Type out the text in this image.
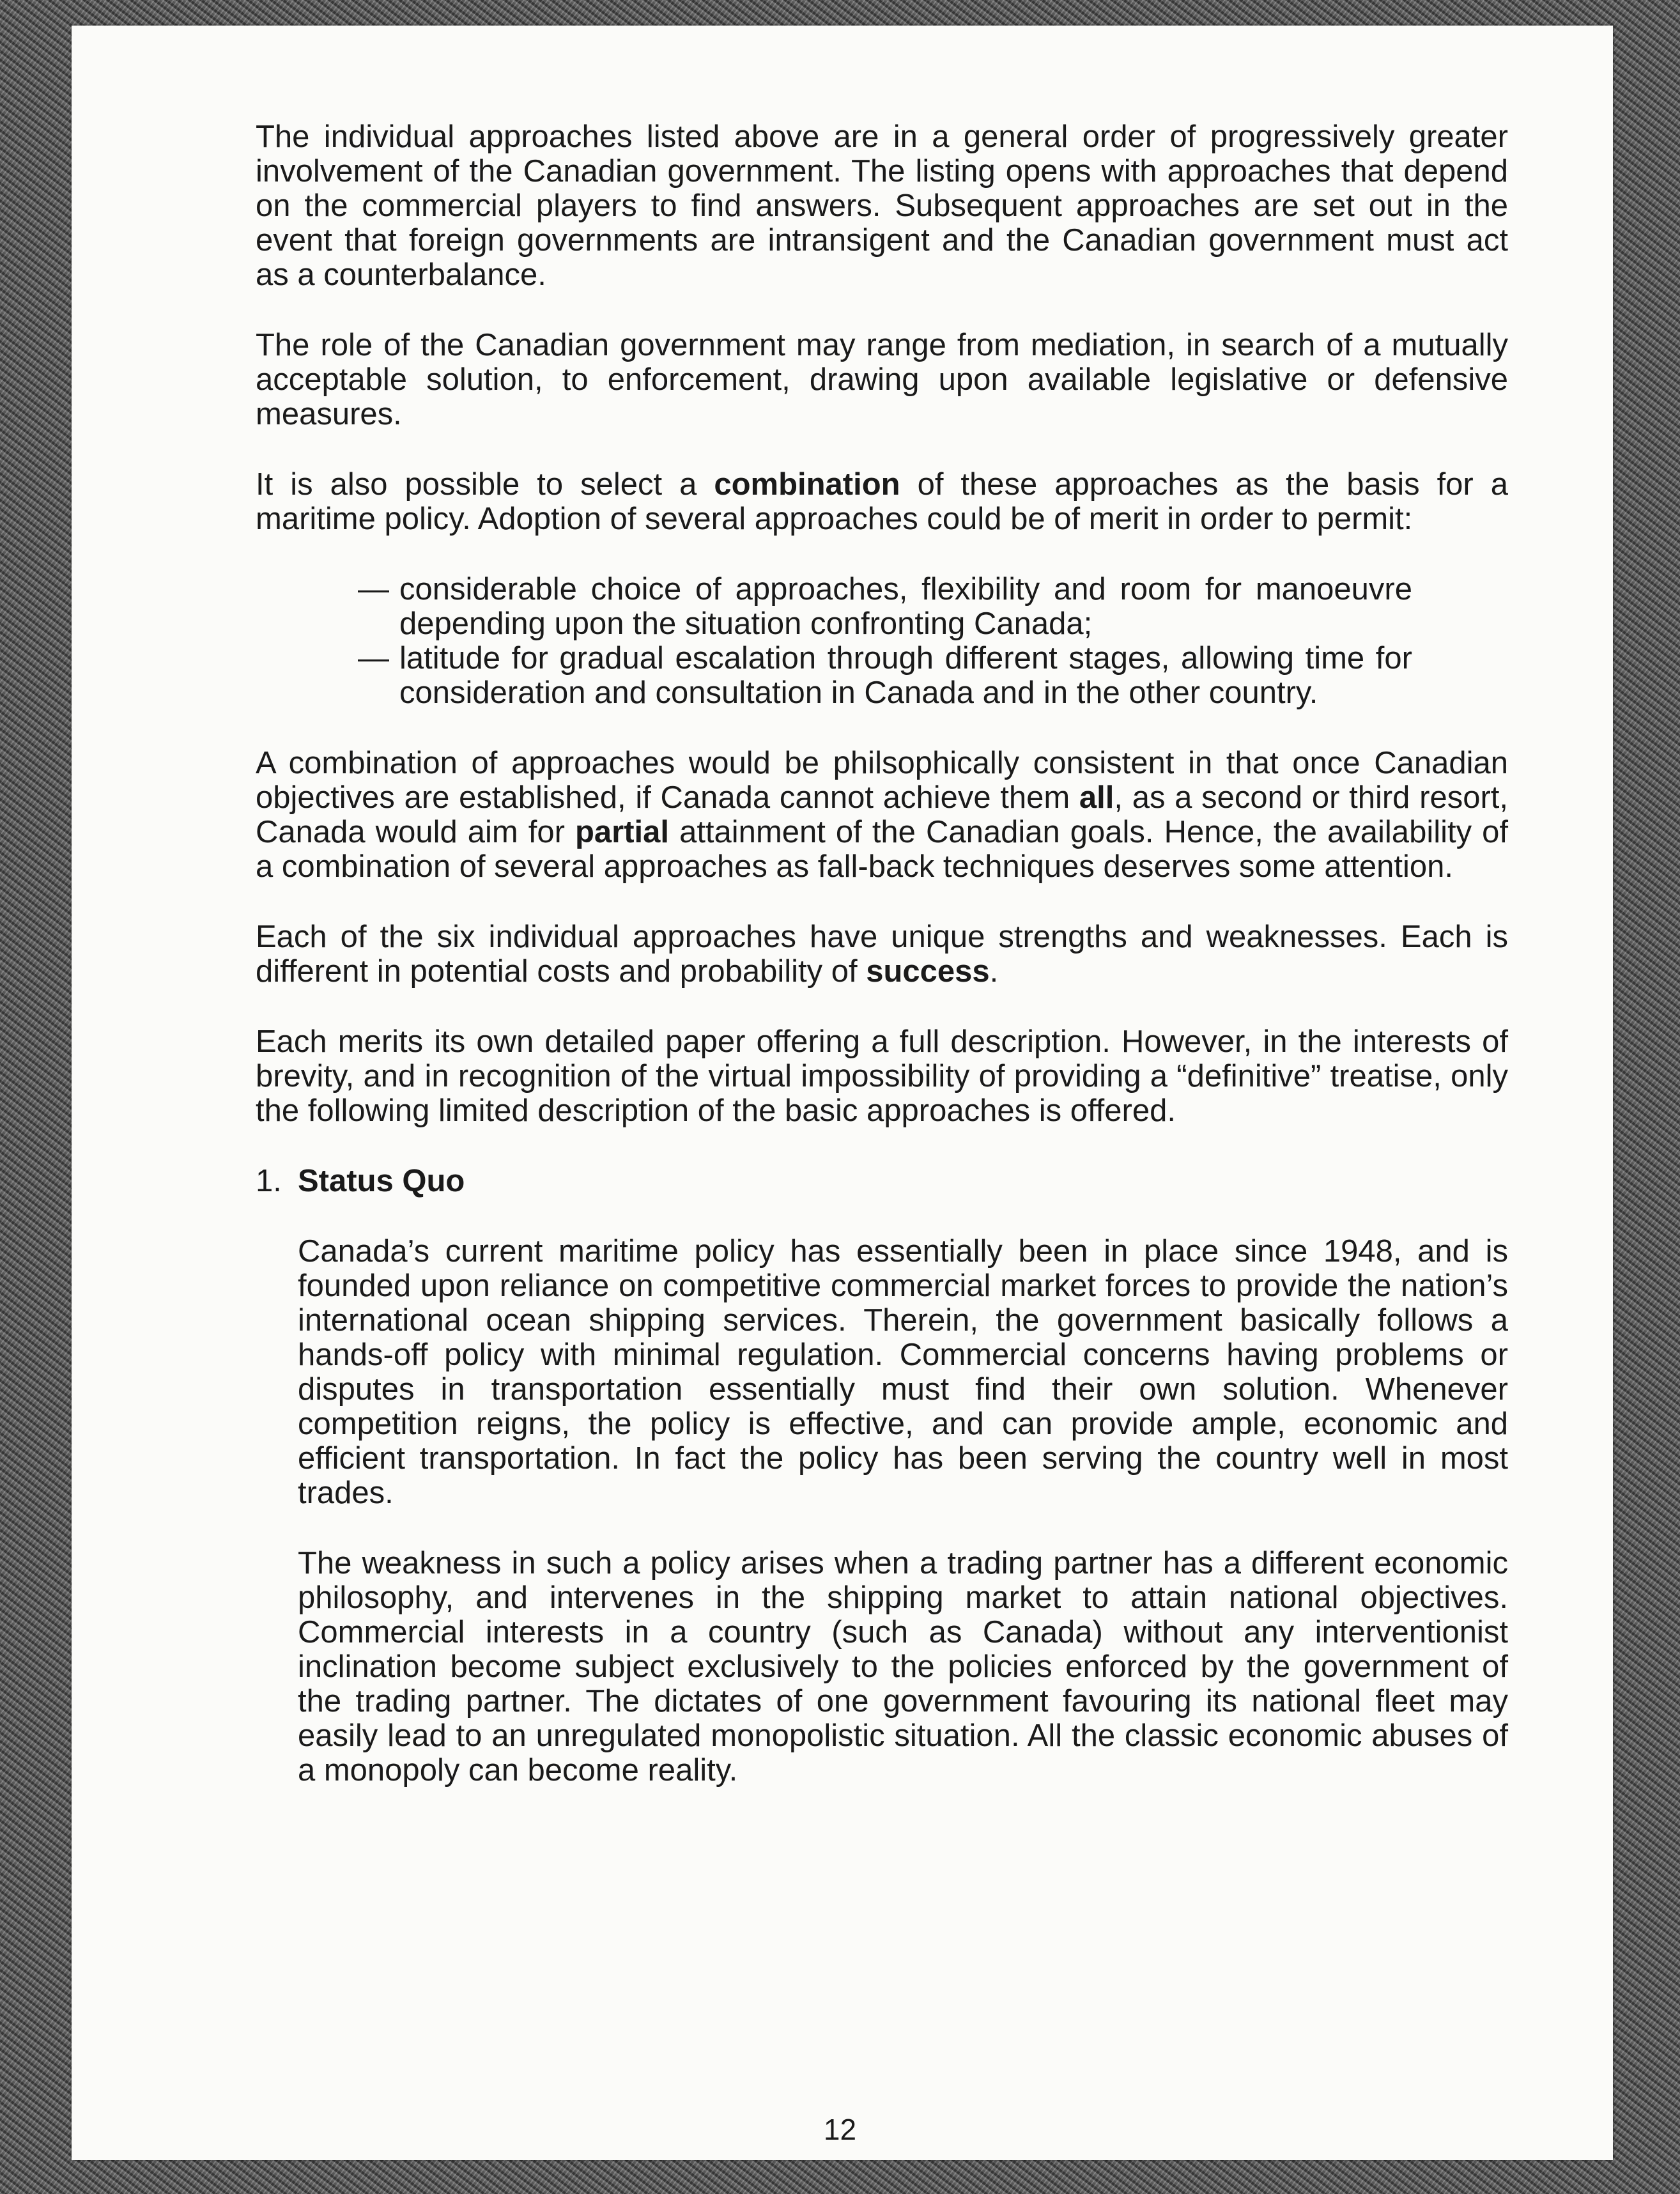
The individual approaches listed above are in a general order of progressively greater involvement of the Canadian government. The listing opens with approaches that depend on the commercial players to find answers. Subsequent approaches are set out in the event that foreign governments are intransigent and the Canadian government must act as a counterbalance.

The role of the Canadian government may range from mediation, in search of a mutually acceptable solution, to enforcement, drawing upon available legislative or defensive measures.

It is also possible to select a combination of these approaches as the basis for a maritime policy. Adoption of several approaches could be of merit in order to permit:

— considerable choice of approaches, flexibility and room for manoeuvre depending upon the situation confronting Canada;
— latitude for gradual escalation through different stages, allowing time for consideration and consultation in Canada and in the other country.

A combination of approaches would be philsophically consistent in that once Canadian objectives are established, if Canada cannot achieve them all, as a second or third resort, Canada would aim for partial attainment of the Canadian goals. Hence, the availability of a combination of several approaches as fall-back techniques deserves some attention.

Each of the six individual approaches have unique strengths and weaknesses. Each is different in potential costs and probability of success.

Each merits its own detailed paper offering a full description. However, in the interests of brevity, and in recognition of the virtual impossibility of providing a “definitive” treatise, only the following limited description of the basic approaches is offered.

1. Status Quo

Canada’s current maritime policy has essentially been in place since 1948, and is founded upon reliance on competitive commercial market forces to provide the nation’s international ocean shipping services. Therein, the government basically follows a hands-off policy with minimal regulation. Commercial concerns having problems or disputes in transportation essentially must find their own solution. Whenever competition reigns, the policy is effective, and can provide ample, economic and efficient transportation. In fact the policy has been serving the country well in most trades.

The weakness in such a policy arises when a trading partner has a different economic philosophy, and intervenes in the shipping market to attain national objectives. Commercial interests in a country (such as Canada) without any interventionist inclination become subject exclusively to the policies enforced by the government of the trading partner. The dictates of one government favouring its national fleet may easily lead to an unregulated monopolistic situation. All the classic economic abuses of a monopoly can become reality.

12
